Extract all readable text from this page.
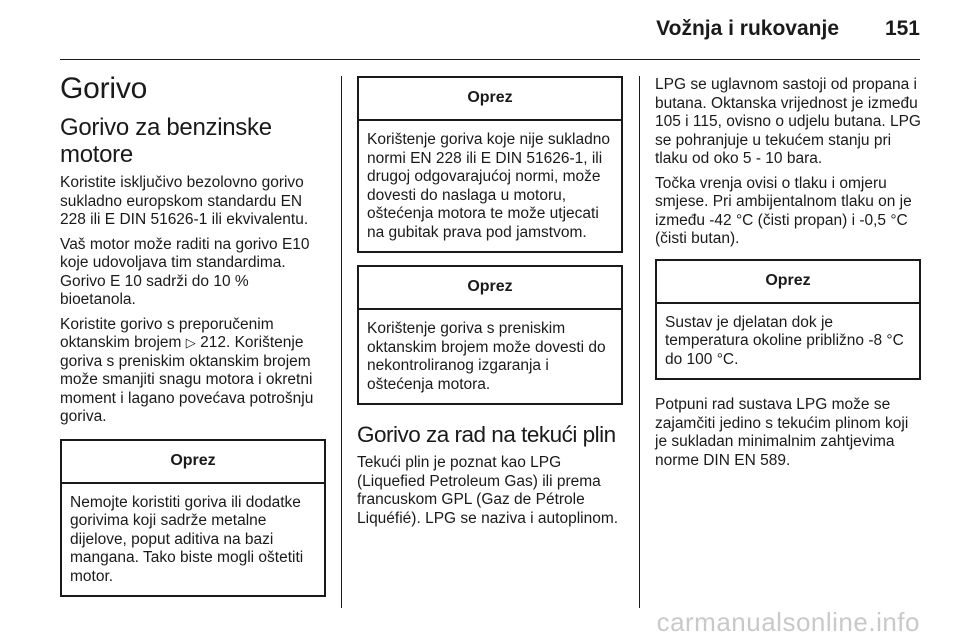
Vožnja i rukovanje 151
Gorivo
Gorivo za benzinske motore

Koristite isključivo bezolovno gorivo sukladno europskom standardu EN 228 ili E DIN 51626-1 ili ekvivalentu.

Vaš motor može raditi na gorivo E10 koje udovoljava tim standardima. Gorivo E 10 sadrži do 10 % bioetanola.

Koristite gorivo s preporučenim oktanskim brojem ▷ 212. Korištenje goriva s preniskim oktanskim brojem može smanjiti snagu motora i okretni moment i lagano povećava potrošnju goriva.

Oprez
Nemojte koristiti goriva ili dodatke gorivima koji sadrže metalne dijelove, poput aditiva na bazi mangana. Tako biste mogli oštetiti motor.
Oprez
Korištenje goriva koje nije sukladno normi EN 228 ili E DIN 51626-1, ili drugoj odgovarajućoj normi, može dovesti do naslaga u motoru, oštećenja motora te može utjecati na gubitak prava pod jamstvom.
Oprez
Korištenje goriva s preniskim oktanskim brojem može dovesti do nekontroliranog izgaranja i oštećenja motora.
Gorivo za rad na tekući plin

Tekući plin je poznat kao LPG (Liquefied Petroleum Gas) ili prema francuskom GPL (Gaz de Pétrole Liquéfié). LPG se naziva i autoplinom.

LPG se uglavnom sastoji od propana i butana. Oktanska vrijednost je između 105 i 115, ovisno o udjelu butana. LPG se pohranjuje u tekućem stanju pri tlaku od oko 5 - 10 bara.

Točka vrenja ovisi o tlaku i omjeru smjese. Pri ambijentalnom tlaku on je između -42 °C (čisti propan) i -0,5 °C (čisti butan).

Oprez
Sustav je djelatan dok je temperatura okoline približno -8 °C do 100 °C.

Potpuni rad sustava LPG može se zajamčiti jedino s tekućim plinom koji je sukladan minimalnim zahtjevima norme DIN EN 589.

carmanualsonline.info
